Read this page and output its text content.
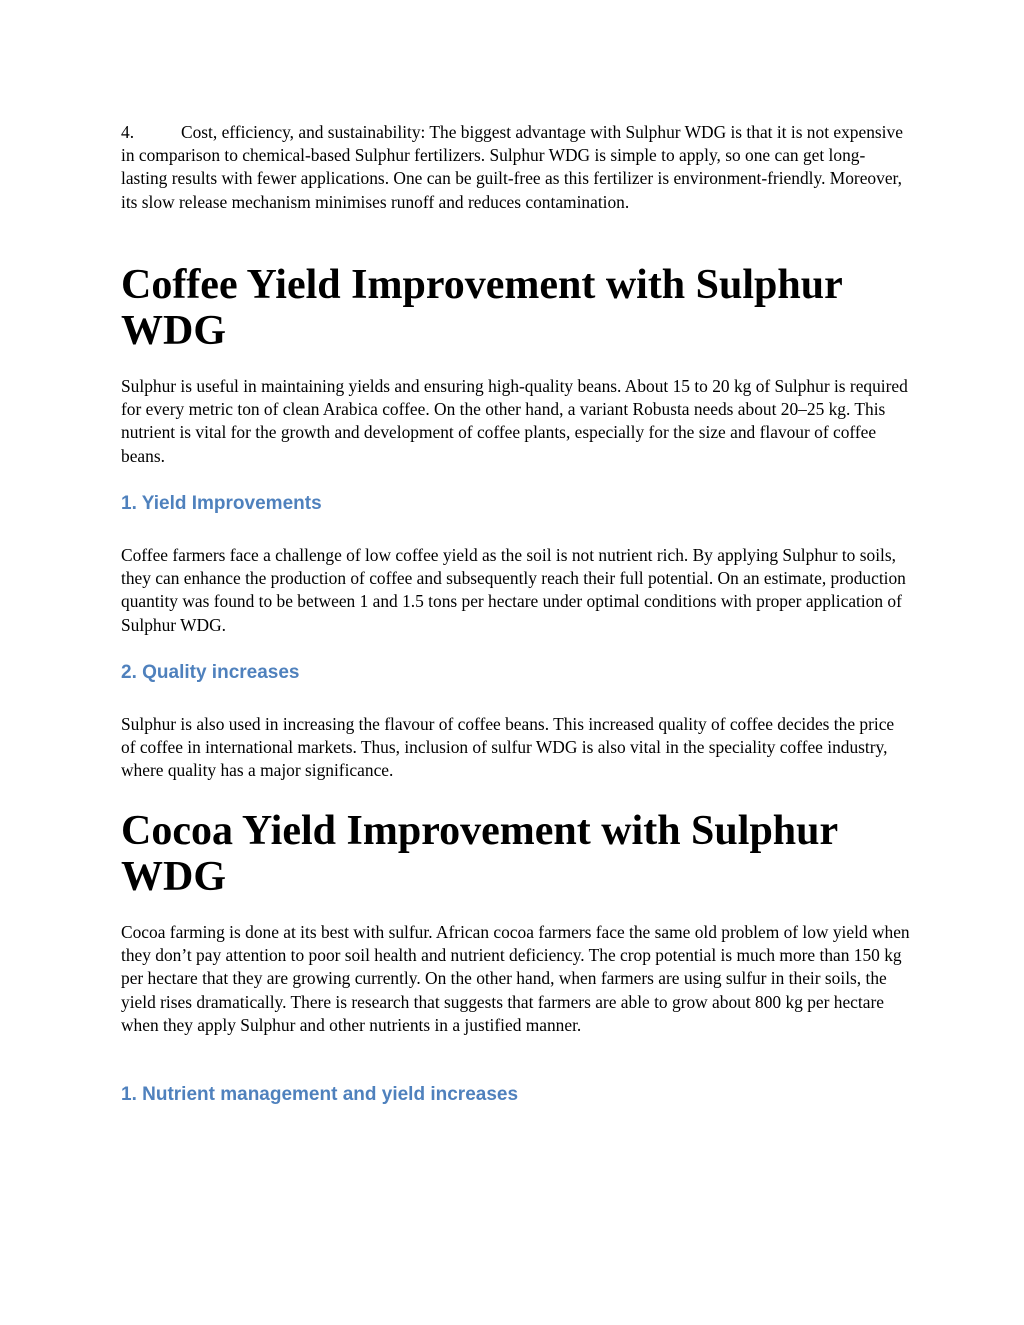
4.	Cost, efficiency, and sustainability: The biggest advantage with Sulphur WDG is that it is not expensive in comparison to chemical-based Sulphur fertilizers. Sulphur WDG is simple to apply, so one can get long-lasting results with fewer applications. One can be guilt-free as this fertilizer is environment-friendly. Moreover, its slow release mechanism minimises runoff and reduces contamination.

Coffee Yield Improvement with Sulphur WDG

Sulphur is useful in maintaining yields and ensuring high-quality beans. About 15 to 20 kg of Sulphur is required for every metric ton of clean Arabica coffee. On the other hand, a variant Robusta needs about 20–25 kg. This nutrient is vital for the growth and development of coffee plants, especially for the size and flavour of coffee beans.

1. Yield Improvements

Coffee farmers face a challenge of low coffee yield as the soil is not nutrient rich. By applying Sulphur to soils, they can enhance the production of coffee and subsequently reach their full potential. On an estimate, production quantity was found to be between 1 and 1.5 tons per hectare under optimal conditions with proper application of Sulphur WDG.

2. Quality increases

Sulphur is also used in increasing the flavour of coffee beans. This increased quality of coffee decides the price of coffee in international markets. Thus, inclusion of sulfur WDG is also vital in the speciality coffee industry, where quality has a major significance.

Cocoa Yield Improvement with Sulphur WDG

Cocoa farming is done at its best with sulfur. African cocoa farmers face the same old problem of low yield when they don’t pay attention to poor soil health and nutrient deficiency. The crop potential is much more than 150 kg per hectare that they are growing currently. On the other hand, when farmers are using sulfur in their soils, the yield rises dramatically. There is research that suggests that farmers are able to grow about 800 kg per hectare when they apply Sulphur and other nutrients in a justified manner.

1. Nutrient management and yield increases
